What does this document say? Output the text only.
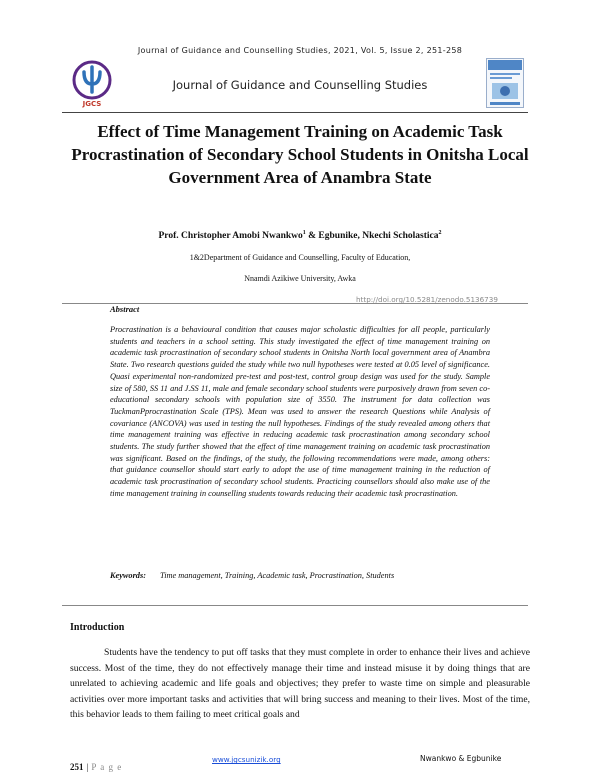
Journal of Guidance and Counselling Studies, 2021, Vol. 5, Issue 2, 251-258
JGCS
Journal of Guidance and Counselling Studies
Effect of Time Management Training on Academic Task Procrastination of Secondary School Students in Onitsha Local Government Area of Anambra State
Prof. Christopher Amobi Nwankwo$^1$ & Egbunike, Nkechi Scholastica$^2$
1&2Department of Guidance and Counselling, Faculty of Education,
Nnamdi Azikiwe University, Awka
http://doi.org/10.5281/zenodo.5136739
Abstract

Procrastination is a behavioural condition that causes major scholastic difficulties for all people, particularly students and teachers in a school setting. This study investigated the effect of time management training on academic task procrastination of secondary school students in Onitsha North local government area of Anambra State. Two research questions guided the study while two null hypotheses were tested at 0.05 level of significance. Quasi experimental non-randomized pre-test and post-test, control group design was used for the study. Sample size of 580, SS 11 and J.SS 11, male and female secondary school students were purposively drawn from seven co-educational secondary schools with population size of 3550. The instrument for data collection was TuckmanPprocrastination Scale (TPS). Mean was used to answer the research Questions while Analysis of covariance (ANCOVA) was used in testing the null hypotheses. Findings of the study revealed among others that time management training was effective in reducing academic task procrastination among secondary school students. The study further showed that the effect of time management training on academic task procrastination was significant. Based on the findings, of the study, the following recommendations were made, among others: that guidance counsellor should start early to adopt the use of time management training in the reduction of academic task procrastination of secondary school students. Practicing counsellors should also make use of the time management training in counselling students towards reducing their academic task procrastination.

Keywords: Time management, Training, Academic task, Procrastination, Students
Introduction

Students have the tendency to put off tasks that they must complete in order to enhance their lives and achieve success. Most of the time, they do not effectively manage their time and instead misuse it by doing things that are unrelated to achieving academic and life goals and objectives; they prefer to waste time on simple and pleasurable activities over more important tasks and activities that will bring success and meaning to their lives. Most of the time, this behavior leads to them failing to meet critical goals and

www.jgcsunizik.org	Nwankwo & Egbunike
251 | P a g e
